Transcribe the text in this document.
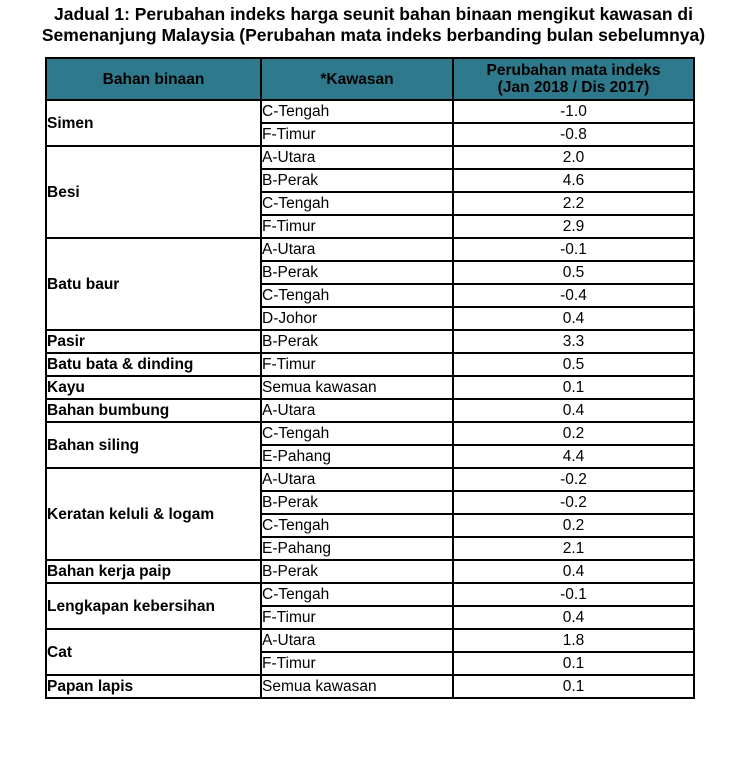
Jadual 1: Perubahan indeks harga seunit bahan binaan mengikut kawasan di
Semenanjung Malaysia (Perubahan mata indeks berbanding bulan sebelumnya)
Bahan binaan	*Kawasan	Perubahan mata indeks
(Jan 2018 / Dis 2017)

Simen	C-Tengah	-1.0
	F-Timur	-0.8
Besi	A-Utara	2.0
	B-Perak	4.6
	C-Tengah	2.2
	F-Timur	2.9
Batu baur	A-Utara	-0.1
	B-Perak	0.5
	C-Tengah	-0.4
	D-Johor	0.4
Pasir	B-Perak	3.3
Batu bata & dinding	F-Timur	0.5
Kayu	Semua kawasan	0.1
Bahan bumbung	A-Utara	0.4
Bahan siling	C-Tengah	0.2
	E-Pahang	4.4
Keratan keluli & logam	A-Utara	-0.2
	B-Perak	-0.2
	C-Tengah	0.2
	E-Pahang	2.1
Bahan kerja paip	B-Perak	0.4
Lengkapan kebersihan	C-Tengah	-0.1
	F-Timur	0.4
Cat	A-Utara	1.8
	F-Timur	0.1
Papan lapis	Semua kawasan	0.1
